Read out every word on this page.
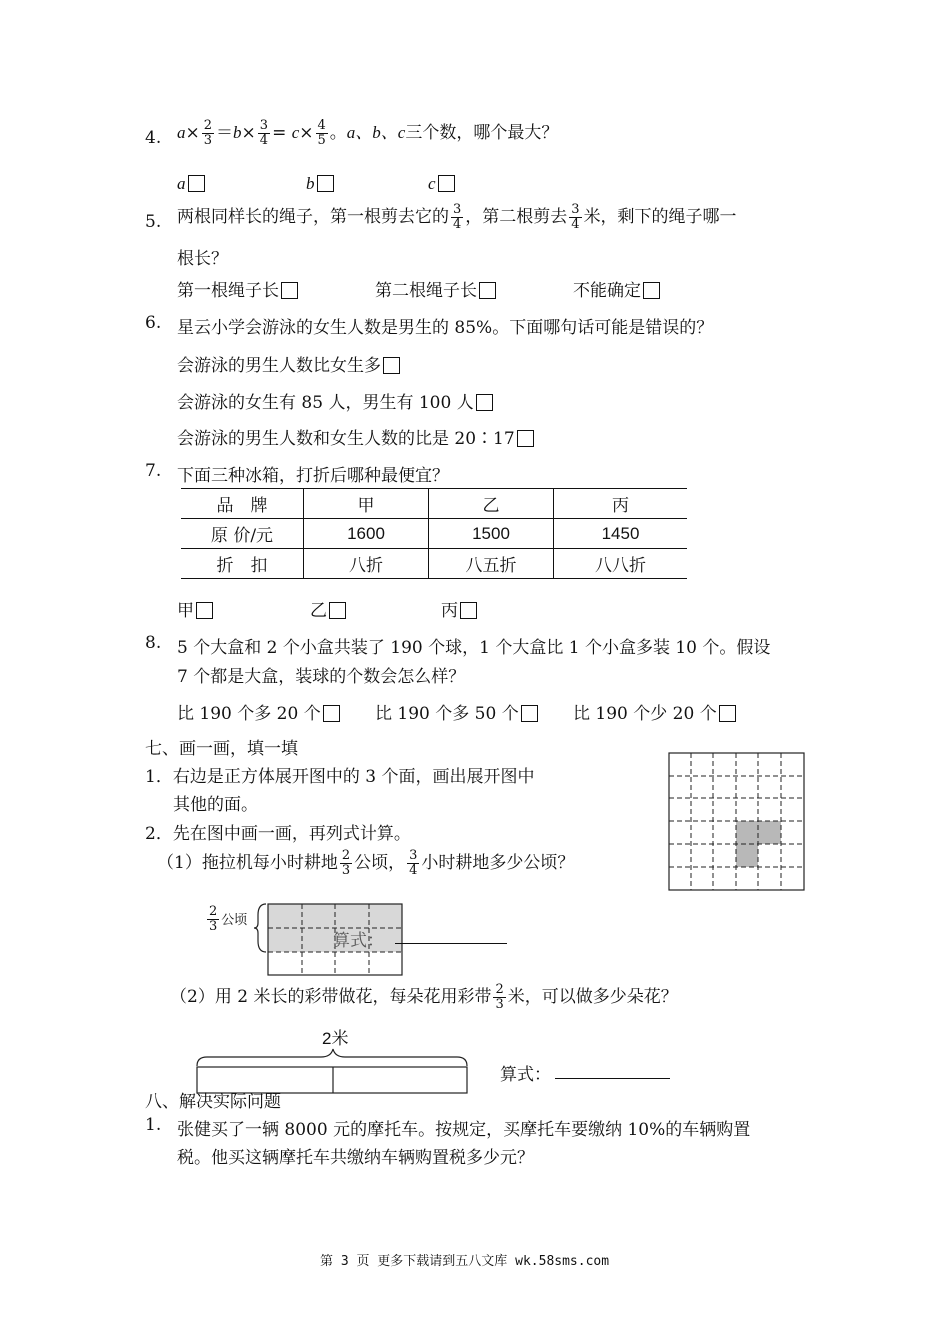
4. $a\times \frac{2}{3} =b\times \frac{3}{4} = c\times \frac{4}{5}$ 。a、b、c三个数，哪个最大？
a	b	c
5. 两根同样长的绳子，第一根剪去它的 $\frac{3}{4}$ ，第二根剪去 $\frac{3}{4}$ 米，剩下的绳子哪一
根长？
第一根绳子长	第二根绳子长	不能确定
6. 星云小学会游泳的女生人数是男生的 85%。下面哪句话可能是错误的？
会游泳的男生人数比女生多
会游泳的女生有 85 人，男生有 100 人
会游泳的男生人数和女生人数的比是 20∶17
7. 下面三种冰箱，打折后哪种最便宜？
品　牌	甲	乙	丙
原 价/元	1600	1500	1450
折　扣	八折	八五折	八八折
甲	乙	丙
8. 5 个大盒和 2 个小盒共装了 190 个球，1 个大盒比 1 个小盒多装 10 个。假设
7 个都是大盒，装球的个数会怎么样？
比 190 个多 20 个	比 190 个多 50 个	比 190 个少 20 个
七、画一画，填一填
1．右边是正方体展开图中的 3 个面，画出展开图中
其他的面。
2．先在图中画一画，再列式计算。
（1）拖拉机每小时耕地 $\frac{2}{3}$ 公顷， $\frac{3}{4}$ 小时耕地多少公顷？
$\frac{2}{3}$ 公顷
算式：
（2）用 2 米长的彩带做花，每朵花用彩带 $\frac{2}{3}$ 米，可以做多少朵花？
2米
算式：
八、解决实际问题
1. 张健买了一辆 8000 元的摩托车。按规定，买摩托车要缴纳 10%的车辆购置
税。他买这辆摩托车共缴纳车辆购置税多少元？
第 3 页 更多下载请到五八文库 wk.58sms.com
